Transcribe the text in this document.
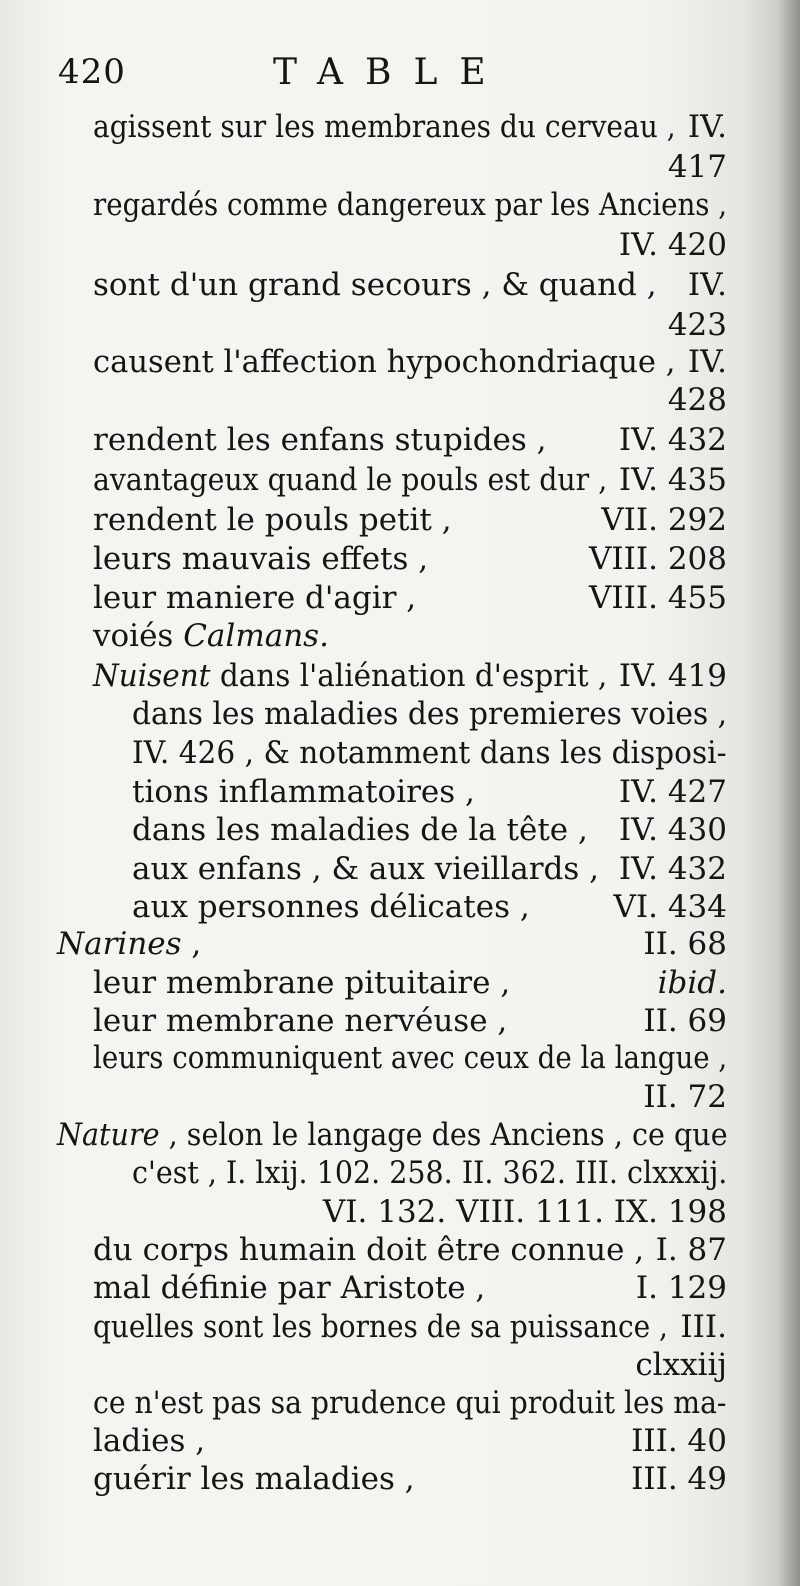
420	TABLE
agissent sur les membranes du cerveau , IV.
417
regardés comme dangereux par les Anciens ,
IV. 420
sont d'un grand secours , & quand , IV.
423
causent l'affection hypochondriaque , IV.
428
rendent les enfans stupides , IV. 432
avantageux quand le pouls est dur , IV. 435
rendent le pouls petit ,	VII. 292
leurs mauvais effets ,	VIII. 208
leur maniere d'agir ,	VIII. 455
voiés Calmans.
Nuisent dans l'aliénation d'esprit , IV. 419
dans les maladies des premieres voies ,
IV. 426 , & notamment dans les disposi-
tions inflammatoires ,	IV. 427
dans les maladies de la tête , IV. 430
aux enfans , & aux vieillards , IV. 432
aux personnes délicates ,	VI. 434
Narines ,	II. 68
leur membrane pituitaire ,	ibid.
leur membrane nervéuse ,	II. 69
leurs communiquent avec ceux de la langue ,
II. 72
Nature , selon le langage des Anciens , ce que
c'est , I. lxij. 102. 258. II. 362. III. clxxxij.
VI. 132. VIII. 111. IX. 198
du corps humain doit être connue , I. 87
mal définie par Aristote ,	I. 129
quelles sont les bornes de sa puissance , III.
clxxiij
ce n'est pas sa prudence qui produit les ma-
ladies ,	III. 40
guérir les maladies ,	III. 49
